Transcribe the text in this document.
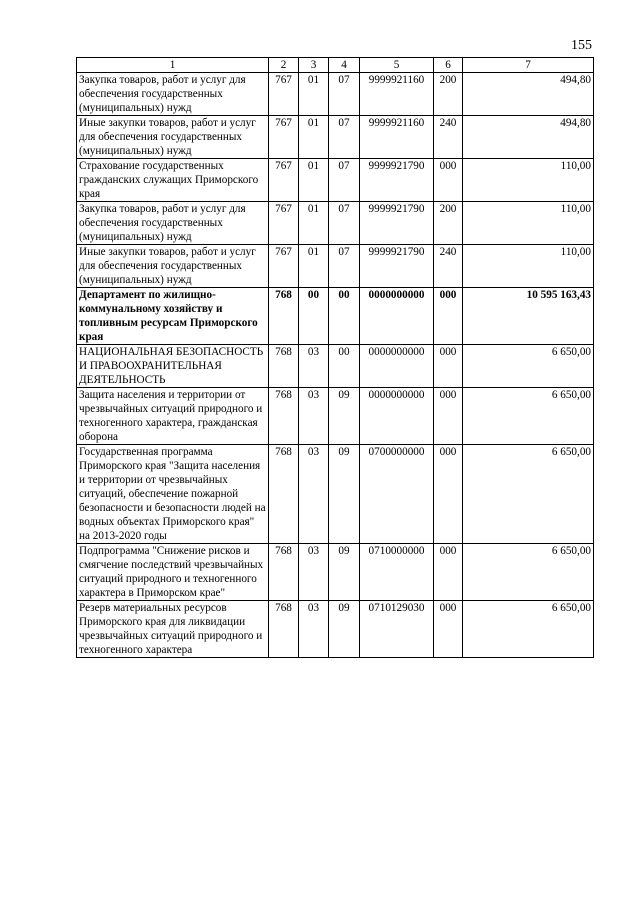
155
1	2	3	4	5	6	7
Закупка товаров, работ и услуг для обеспечения государственных (муниципальных) нужд	767	01	07	9999921160	200	494,80
Иные закупки товаров, работ и услуг для обеспечения государственных (муниципальных) нужд	767	01	07	9999921160	240	494,80
Страхование государственных гражданских служащих Приморского края	767	01	07	9999921790	000	110,00
Закупка товаров, работ и услуг для обеспечения государственных (муниципальных) нужд	767	01	07	9999921790	200	110,00
Иные закупки товаров, работ и услуг для обеспечения государственных (муниципальных) нужд	767	01	07	9999921790	240	110,00
Департамент по жилищно-коммунальному хозяйству и топливным ресурсам Приморского края	768	00	00	0000000000	000	10 595 163,43
НАЦИОНАЛЬНАЯ БЕЗОПАСНОСТЬ И ПРАВООХРАНИТЕЛЬНАЯ ДЕЯТЕЛЬНОСТЬ	768	03	00	0000000000	000	6 650,00
Защита населения и территории от чрезвычайных ситуаций природного и техногенного характера, гражданская оборона	768	03	09	0000000000	000	6 650,00
Государственная программа Приморского края "Защита населения и территории от чрезвычайных ситуаций, обеспечение пожарной безопасности и безопасности людей на водных объектах Приморского края" на 2013-2020 годы	768	03	09	0700000000	000	6 650,00
Подпрограмма "Снижение рисков и смягчение последствий чрезвычайных ситуаций природного и техногенного характера в Приморском крае"	768	03	09	0710000000	000	6 650,00
Резерв материальных ресурсов Приморского края для ликвидации чрезвычайных ситуаций природного и техногенного характера	768	03	09	0710129030	000	6 650,00
